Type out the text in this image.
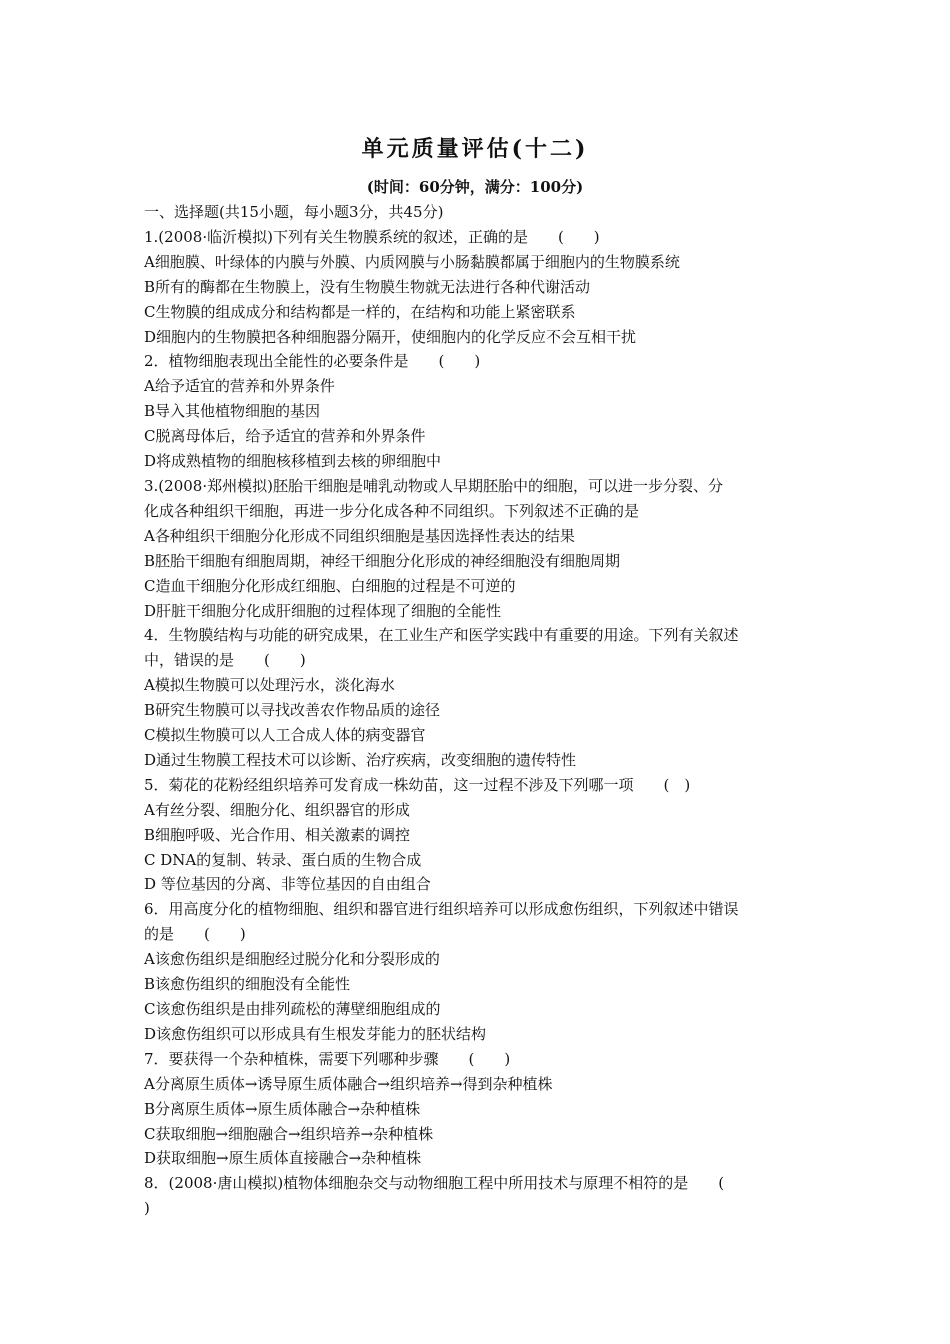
单元质量评估(十二)
(时间：60分钟，满分：100分)
一、选择题(共15小题，每小题3分，共45分)
1.(2008·临沂模拟)下列有关生物膜系统的叙述，正确的是　　(　　)
A细胞膜、叶绿体的内膜与外膜、内质网膜与小肠黏膜都属于细胞内的生物膜系统
B所有的酶都在生物膜上，没有生物膜生物就无法进行各种代谢活动
C生物膜的组成成分和结构都是一样的，在结构和功能上紧密联系
D细胞内的生物膜把各种细胞器分隔开，使细胞内的化学反应不会互相干扰
2．植物细胞表现出全能性的必要条件是　　(　　)
A给予适宜的营养和外界条件
B导入其他植物细胞的基因
C脱离母体后，给予适宜的营养和外界条件
D将成熟植物的细胞核移植到去核的卵细胞中
3.(2008·郑州模拟)胚胎干细胞是哺乳动物或人早期胚胎中的细胞，可以进一步分裂、分
化成各种组织干细胞，再进一步分化成各种不同组织。下列叙述不正确的是
A各种组织干细胞分化形成不同组织细胞是基因选择性表达的结果
B胚胎干细胞有细胞周期，神经干细胞分化形成的神经细胞没有细胞周期
C造血干细胞分化形成红细胞、白细胞的过程是不可逆的
D肝脏干细胞分化成肝细胞的过程体现了细胞的全能性
4．生物膜结构与功能的研究成果，在工业生产和医学实践中有重要的用途。下列有关叙述
中，错误的是　　(　　)
A模拟生物膜可以处理污水，淡化海水
B研究生物膜可以寻找改善农作物品质的途径
C模拟生物膜可以人工合成人体的病变器官
D通过生物膜工程技术可以诊断、治疗疾病，改变细胞的遗传特性
5．菊花的花粉经组织培养可发育成一株幼苗，这一过程不涉及下列哪一项　　(　)
A有丝分裂、细胞分化、组织器官的形成
B细胞呼吸、光合作用、相关激素的调控
C DNA的复制、转录、蛋白质的生物合成
D 等位基因的分离、非等位基因的自由组合
6．用高度分化的植物细胞、组织和器官进行组织培养可以形成愈伤组织，下列叙述中错误
的是　　(　　)
A该愈伤组织是细胞经过脱分化和分裂形成的
B该愈伤组织的细胞没有全能性
C该愈伤组织是由排列疏松的薄壁细胞组成的
D该愈伤组织可以形成具有生根发芽能力的胚状结构
7．要获得一个杂种植株，需要下列哪种步骤　　(　　)
A分离原生质体→诱导原生质体融合→组织培养→得到杂种植株
B分离原生质体→原生质体融合→杂种植株
C获取细胞→细胞融合→组织培养→杂种植株
D获取细胞→原生质体直接融合→杂种植株
8．(2008·唐山模拟)植物体细胞杂交与动物细胞工程中所用技术与原理不相符的是　　(
)
